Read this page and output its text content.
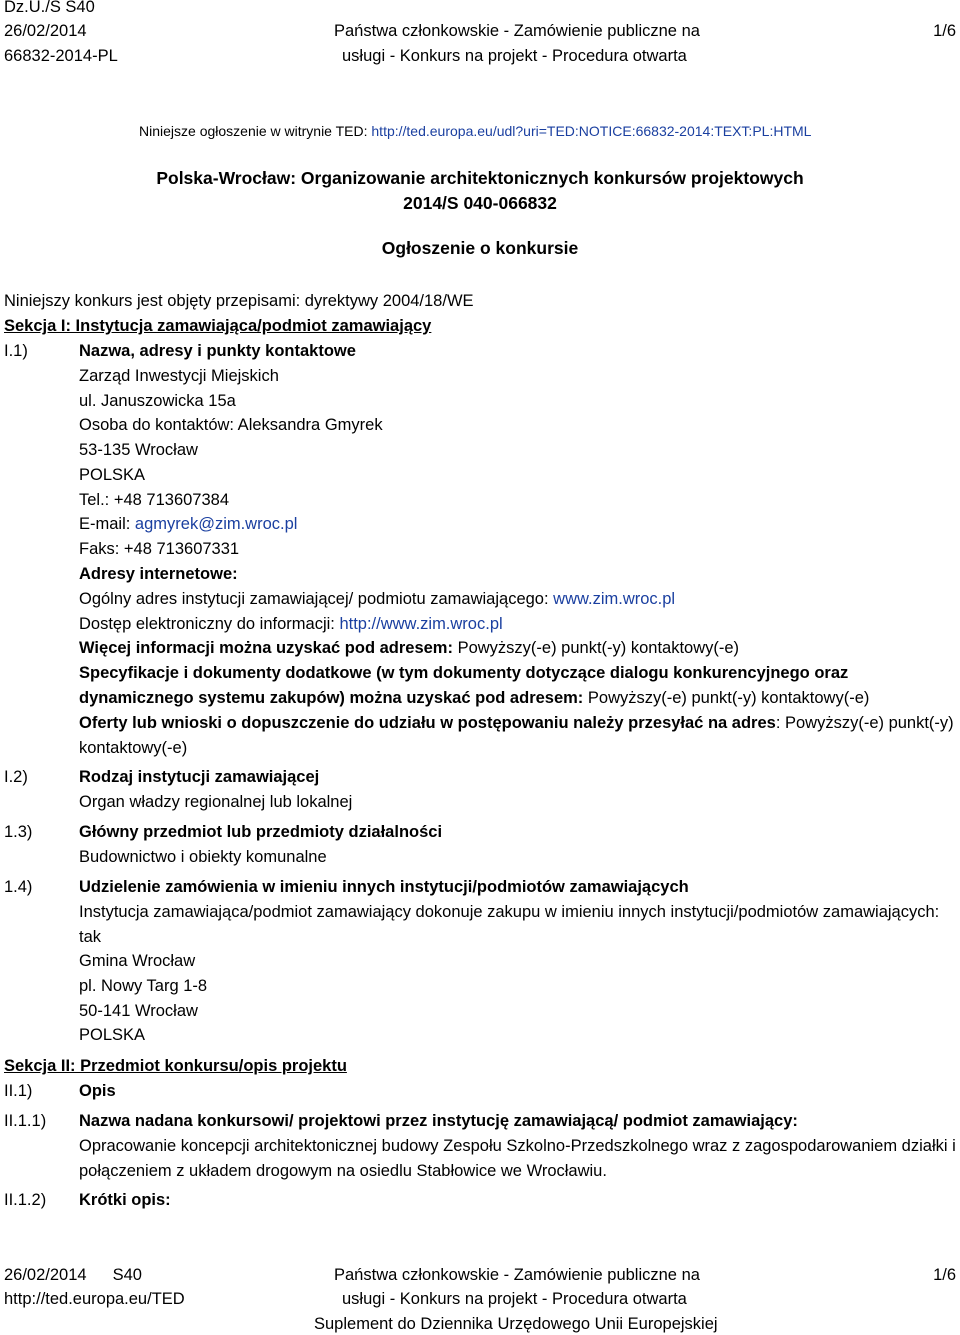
Dz.U./S S40
26/02/2014
66832-2014-PL
Państwa członkowskie - Zamówienie publiczne na
usługi - Konkurs na projekt - Procedura otwarta
1/6
Niniejsze ogłoszenie w witrynie TED: http://ted.europa.eu/udl?uri=TED:NOTICE:66832-2014:TEXT:PL:HTML
Polska-Wrocław: Organizowanie architektonicznych konkursów projektowych
2014/S 040-066832
Ogłoszenie o konkursie
Niniejszy konkurs jest objęty przepisami: dyrektywy 2004/18/WE
Sekcja I: Instytucja zamawiająca/podmiot zamawiający
I.1)	Nazwa, adresy i punkty kontaktowe
Zarząd Inwestycji Miejskich
ul. Januszowicka 15a
Osoba do kontaktów: Aleksandra Gmyrek
53-135 Wrocław
POLSKA
Tel.: +48 713607384
E-mail: agmyrek@zim.wroc.pl
Faks: +48 713607331
Adresy internetowe:
Ogólny adres instytucji zamawiającej/ podmiotu zamawiającego: www.zim.wroc.pl
Dostęp elektroniczny do informacji: http://www.zim.wroc.pl
Więcej informacji można uzyskać pod adresem: Powyższy(-e) punkt(-y) kontaktowy(-e)
Specyfikacje i dokumenty dodatkowe (w tym dokumenty dotyczące dialogu konkurencyjnego oraz dynamicznego systemu zakupów) można uzyskać pod adresem: Powyższy(-e) punkt(-y) kontaktowy(-e)
Oferty lub wnioski o dopuszczenie do udziału w postępowaniu należy przesyłać na adres: Powyższy(-e) punkt(-y) kontaktowy(-e)
I.2)	Rodzaj instytucji zamawiającej
Organ władzy regionalnej lub lokalnej
1.3)	Główny przedmiot lub przedmioty działalności
Budownictwo i obiekty komunalne
1.4)	Udzielenie zamówienia w imieniu innych instytucji/podmiotów zamawiających
Instytucja zamawiająca/podmiot zamawiający dokonuje zakupu w imieniu innych instytucji/podmiotów zamawiających: tak
Gmina Wrocław
pl. Nowy Targ 1-8
50-141 Wrocław
POLSKA
Sekcja II: Przedmiot konkursu/opis projektu
II.1)	Opis
II.1.1) Nazwa nadana konkursowi/ projektowi przez instytucję zamawiającą/ podmiot zamawiający:
Opracowanie koncepcji architektonicznej budowy Zespołu Szkolno-Przedszkolnego wraz z zagospodarowaniem działki i połączeniem z układem drogowym na osiedlu Stabłowice we Wrocławiu.
II.1.2) Krótki opis:
26/02/2014 S40
http://ted.europa.eu/TED
Państwa członkowskie - Zamówienie publiczne na
usługi - Konkurs na projekt - Procedura otwarta
Suplement do Dziennika Urzędowego Unii Europejskiej
1/6
